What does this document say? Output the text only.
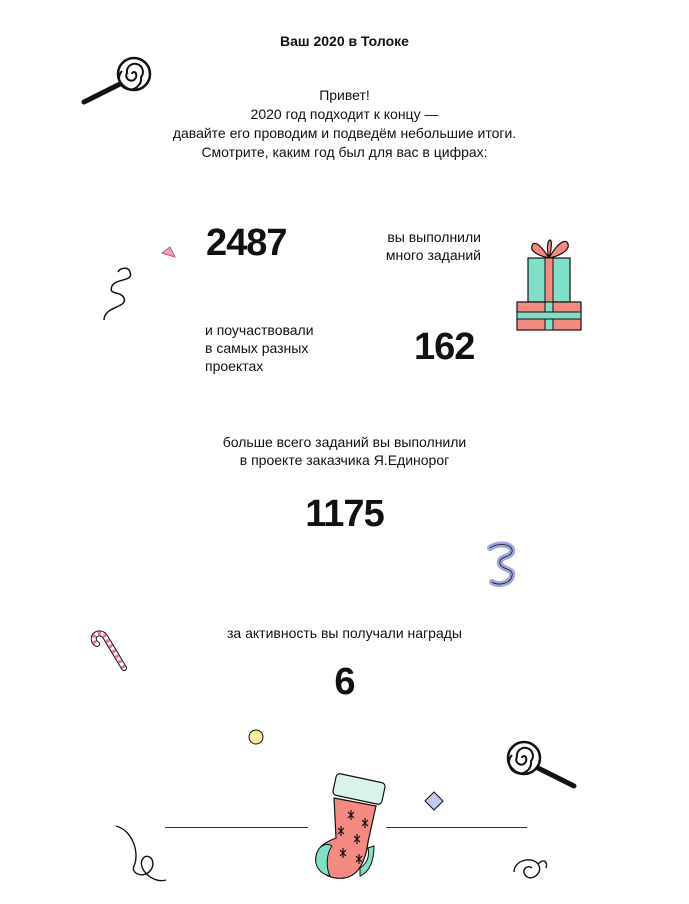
Ваш 2020 в Толоке
Привет!
2020 год подходит к концу —
давайте его проводим и подведём небольшие итоги.
Смотрите, каким год был для вас в цифрах:
2487	вы выполнили
много заданий
и поучаствовали
в самых разных
проектах	162
больше всего заданий вы выполнили
в проекте заказчика Я.Единорог
1175
за активность вы получали награды
6
